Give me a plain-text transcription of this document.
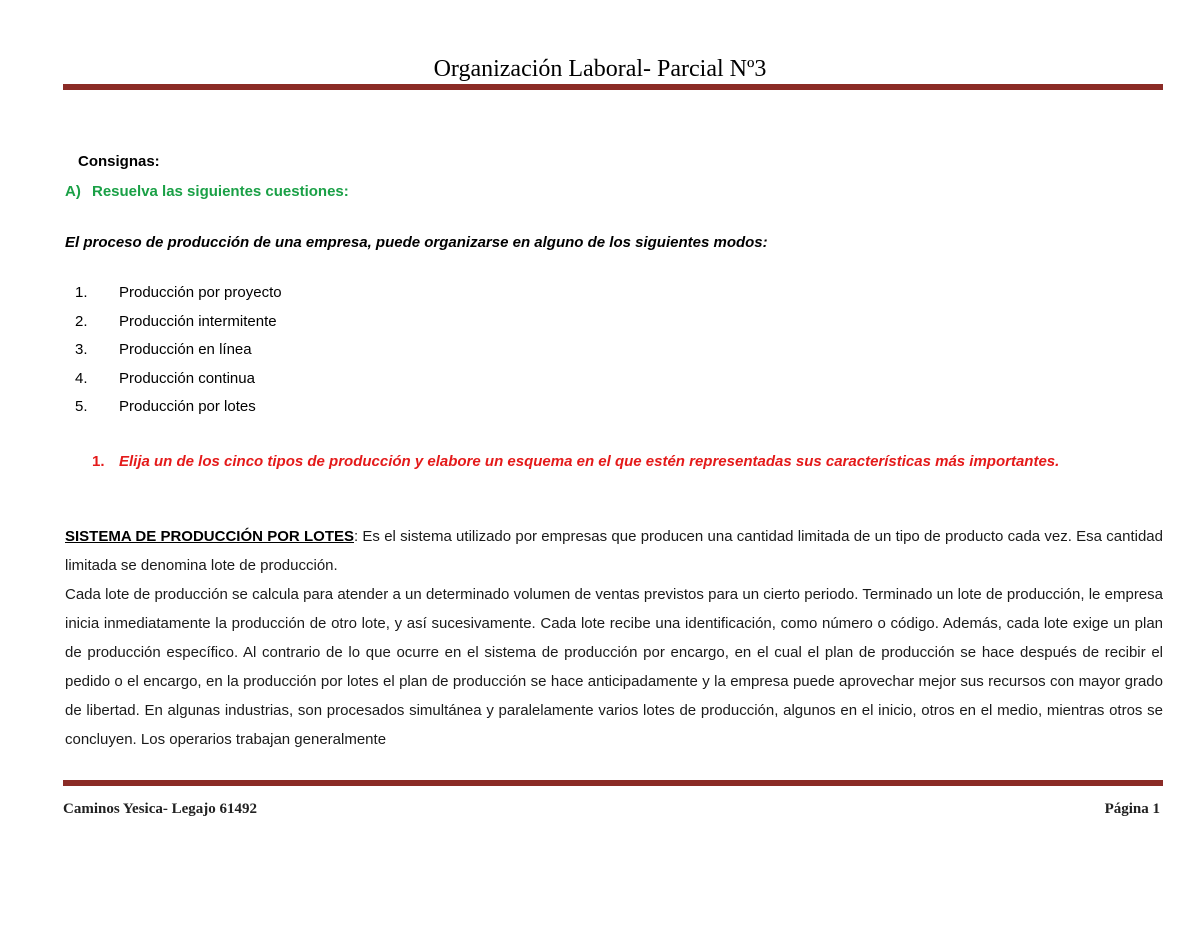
Organización Laboral- Parcial Nº3
Consignas:
A) Resuelva las siguientes cuestiones:
El proceso de producción de una empresa, puede organizarse en alguno de los siguientes modos:
1. Producción por proyecto
2. Producción intermitente
3. Producción en línea
4. Producción continua
5. Producción por lotes
1. Elija un de los cinco tipos de producción y elabore un esquema en el que estén representadas sus características más importantes.

SISTEMA DE PRODUCCIÓN POR LOTES: Es el sistema utilizado por empresas que producen una cantidad limitada de un tipo de producto cada vez. Esa cantidad limitada se denomina lote de producción.

Cada lote de producción se calcula para atender a un determinado volumen de ventas previstos para un cierto periodo. Terminado un lote de producción, le empresa inicia inmediatamente la producción de otro lote, y así sucesivamente. Cada lote recibe una identificación, como número o código. Además, cada lote exige un plan de producción específico. Al contrario de lo que ocurre en el sistema de producción por encargo, en el cual el plan de producción se hace después de recibir el pedido o el encargo, en la producción por lotes el plan de producción se hace anticipadamente y la empresa puede aprovechar mejor sus recursos con mayor grado de libertad. En algunas industrias, son procesados simultánea y paralelamente varios lotes de producción, algunos en el inicio, otros en el medio, mientras otros se concluyen. Los operarios trabajan generalmente

Caminos Yesica- Legajo 61492	Página 1
